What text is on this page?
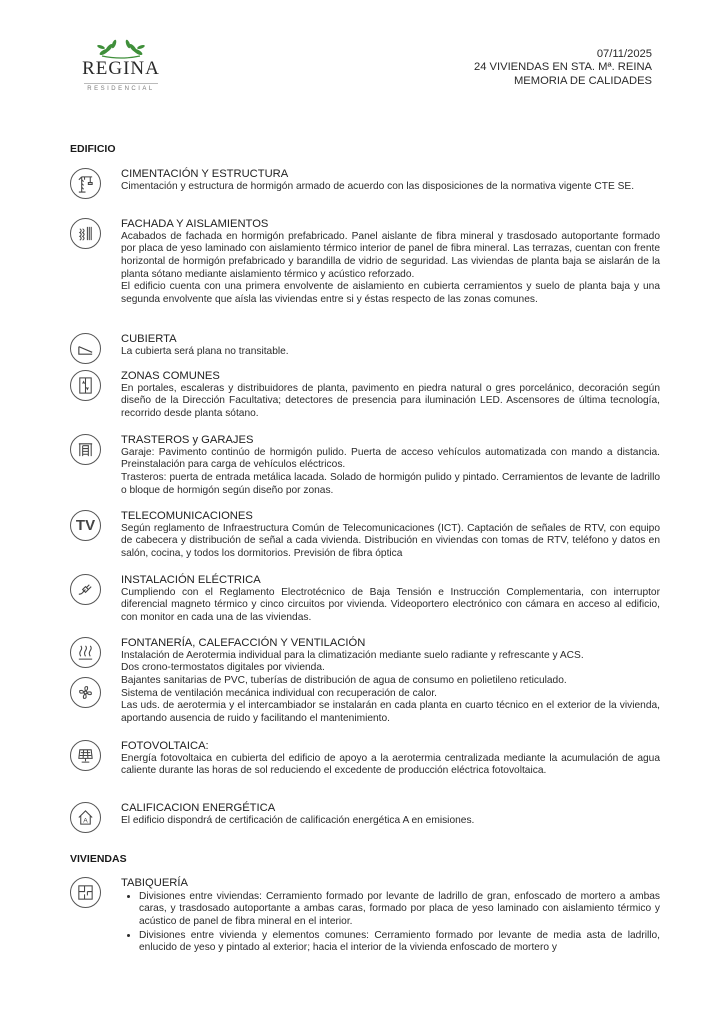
REGINA
RESIDENCIAL
07/11/2025
24 VIVIENDAS EN STA. Mª. REINA
MEMORIA DE CALIDADES
EDIFICIO
CIMENTACIÓN Y ESTRUCTURA
Cimentación y estructura de hormigón armado de acuerdo con las disposiciones de la normativa vigente CTE SE.
FACHADA Y AISLAMIENTOS
Acabados de fachada en hormigón prefabricado. Panel aislante de fibra mineral y trasdosado autoportante formado por placa de yeso laminado con aislamiento térmico interior de panel de fibra mineral. Las terrazas, cuentan con frente horizontal de hormigón prefabricado y barandilla de vidrio de seguridad. Las viviendas de planta baja se aislarán de la planta sótano mediante aislamiento térmico y acústico reforzado.
El edificio cuenta con una primera envolvente de aislamiento en cubierta cerramientos y suelo de planta baja y una segunda envolvente que aísla las viviendas entre si y éstas respecto de las zonas comunes.
CUBIERTA
La cubierta será plana no transitable.
ZONAS COMUNES
En portales, escaleras y distribuidores de planta, pavimento en piedra natural o gres porcelánico, decoración según diseño de la Dirección Facultativa; detectores de presencia para iluminación LED. Ascensores de última tecnología, recorrido desde planta sótano.
TRASTEROS y GARAJES
Garaje: Pavimento continúo de hormigón pulido. Puerta de acceso vehículos automatizada con mando a distancia. Preinstalación para carga de vehículos eléctricos.
Trasteros: puerta de entrada metálica lacada. Solado de hormigón pulido y pintado. Cerramientos de levante de ladrillo o bloque de hormigón según diseño por zonas.
TV
TELECOMUNICACIONES
Según reglamento de Infraestructura Común de Telecomunicaciones (ICT). Captación de señales de RTV, con equipo de cabecera y distribución de señal a cada vivienda. Distribución en viviendas con tomas de RTV, teléfono y datos en salón, cocina, y todos los dormitorios. Previsión de fibra óptica
INSTALACIÓN ELÉCTRICA
Cumpliendo con el Reglamento Electrotécnico de Baja Tensión e Instrucción Complementaria, con interruptor diferencial magneto térmico y cinco circuitos por vivienda. Videoportero electrónico con cámara en acceso al edificio, con monitor en cada una de las viviendas.
FONTANERÍA, CALEFACCIÓN Y VENTILACIÓN
Instalación de Aerotermia individual para la climatización mediante suelo radiante y refrescante y ACS.
Dos crono-termostatos digitales por vivienda.
Bajantes sanitarias de PVC, tuberías de distribución de agua de consumo en polietileno reticulado.
Sistema de ventilación mecánica individual con recuperación de calor.
Las uds. de aerotermia y el intercambiador se instalarán en cada planta en cuarto técnico en el exterior de la vivienda, aportando ausencia de ruido y facilitando el mantenimiento.
FOTOVOLTAICA:
Energía fotovoltaica en cubierta del edificio de apoyo a la aerotermia centralizada mediante la acumulación de agua caliente durante las horas de sol reduciendo el excedente de producción eléctrica fotovoltaica.
A
CALIFICACION ENERGÉTICA
El edificio dispondrá de certificación de calificación energética A en emisiones.
VIVIENDAS
TABIQUERÍA
• Divisiones entre viviendas: Cerramiento formado por levante de ladrillo de gran, enfoscado de mortero a ambas caras, y trasdosado autoportante a ambas caras, formado por placa de yeso laminado con aislamiento térmico y acústico de panel de fibra mineral en el interior.
• Divisiones entre vivienda y elementos comunes: Cerramiento formado por levante de media asta de ladrillo, enlucido de yeso y pintado al exterior; hacia el interior de la vivienda enfoscado de mortero y
